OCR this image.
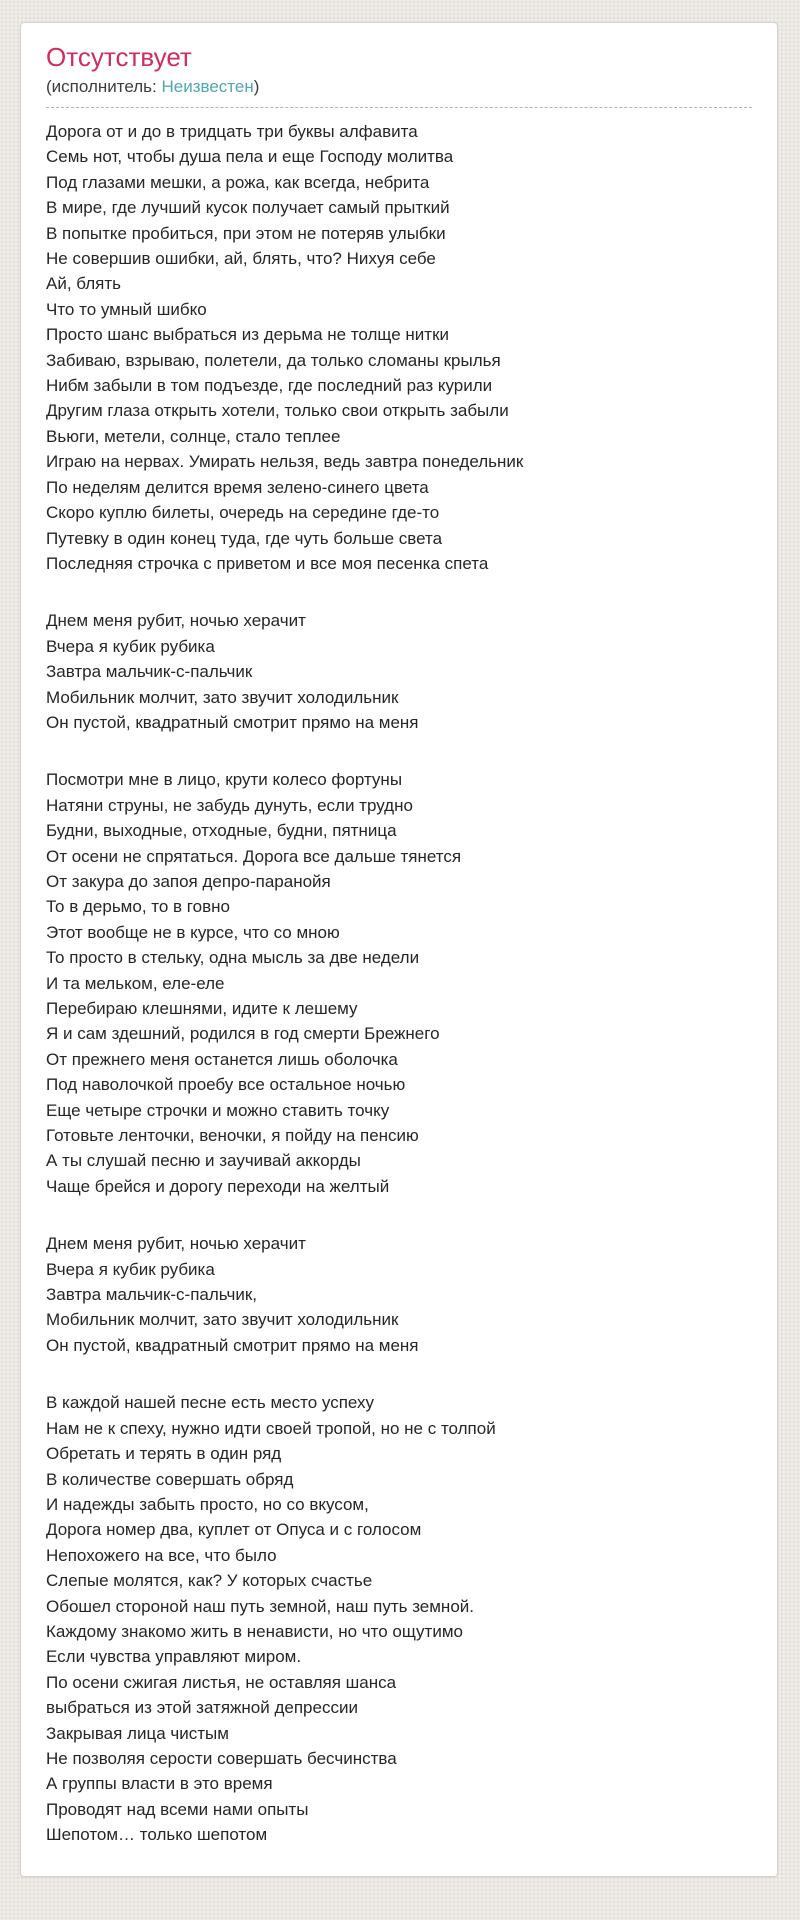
Отсутствует
(исполнитель: Неизвестен)

Дорога от и до в тридцать три буквы алфавита
Семь нот, чтобы душа пела и еще Господу молитва
Под глазами мешки, а рожа, как всегда, небрита
В мире, где лучший кусок получает самый прыткий
В попытке пробиться, при этом не потеряв улыбки
Не совершив ошибки, ай, блять, что? Нихуя себе
Ай, блять
Что то умный шибко
Просто шанс выбраться из дерьма не толще нитки
Забиваю, взрываю, полетели, да только сломаны крылья
Нибм забыли в том подъезде, где последний раз курили
Другим глаза открыть хотели, только свои открыть забыли
Вьюги, метели, солнце, стало теплее
Играю на нервах. Умирать нельзя, ведь завтра понедельник
По неделям делится время зелено-синего цвета
Скоро куплю билеты, очередь на середине где-то
Путевку в один конец туда, где чуть больше света
Последняя строчка с приветом и все моя песенка спета

Днем меня рубит, ночью херачит
Вчера я кубик рубика
Завтра мальчик-с-пальчик
Мобильник молчит, зато звучит холодильник
Он пустой, квадратный смотрит прямо на меня

Посмотри мне в лицо, крути колесо фортуны
Натяни струны, не забудь дунуть, если трудно
Будни, выходные, отходные, будни, пятница
От осени не спрятаться. Дорога все дальше тянется
От закура до запоя депро-паранойя
То в дерьмо, то в говно
Этот вообще не в курсе, что со мною
То просто в стельку, одна мысль за две недели
И та мельком, еле-еле
Перебираю клешнями, идите к лешему
Я и сам здешний, родился в год смерти Брежнего
От прежнего меня останется лишь оболочка
Под наволочкой проебу все остальное ночью
Еще четыре строчки и можно ставить точку
Готовьте ленточки, веночки, я пойду на пенсию
А ты слушай песню и заучивай аккорды
Чаще брейся и дорогу переходи на желтый

Днем меня рубит, ночью херачит
Вчера я кубик рубика
Завтра мальчик-с-пальчик,
Мобильник молчит, зато звучит холодильник
Он пустой, квадратный смотрит прямо на меня

В каждой нашей песне есть место успеху
Нам не к спеху, нужно идти своей тропой, но не с толпой
Обретать и терять в один ряд
В количестве совершать обряд
И надежды забыть просто, но со вкусом,
Дорога номер два, куплет от Опуса и с голосом
Непохожего на все, что было
Слепые молятся, как? У которых счастье
Обошел стороной наш путь земной, наш путь земной.
Каждому знакомо жить в ненависти, но что ощутимо
Если чувства управляют миром.
По осени сжигая листья, не оставляя шанса
выбраться из этой затяжной депрессии
Закрывая лица чистым
Не позволяя серости совершать бесчинства
А группы власти в это время
Проводят над всеми нами опыты
Шепотом… только шепотом
